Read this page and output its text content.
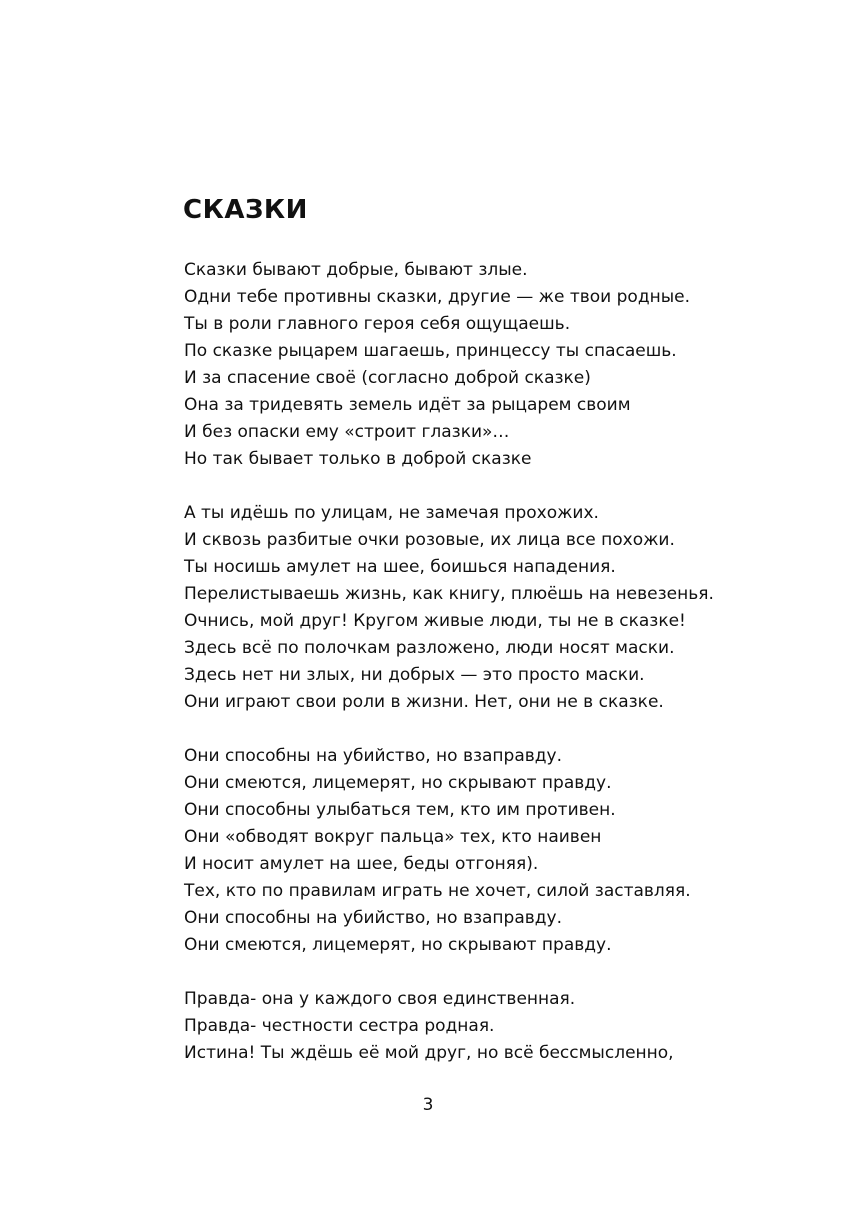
СКАЗКИ
Сказки бывают добрые, бывают злые.
Одни тебе противны сказки, другие — же твои родные.
Ты в роли главного героя себя ощущаешь.
По сказке рыцарем шагаешь, принцессу ты спасаешь.
И за спасение своё (согласно доброй сказке)
Она за тридевять земель идёт за рыцарем своим
И без опаски ему «строит глазки»…
Но так бывает только в доброй сказке
А ты идёшь по улицам, не замечая прохожих.
И сквозь разбитые очки розовые, их лица все похожи.
Ты носишь амулет на шее, боишься нападения.
Перелистываешь жизнь, как книгу, плюёшь на невезенья.
Очнись, мой друг! Кругом живые люди, ты не в сказке!
Здесь всё по полочкам разложено, люди носят маски.
Здесь нет ни злых, ни добрых — это просто маски.
Они играют свои роли в жизни. Нет, они не в сказке.
Они способны на убийство, но взаправду.
Они смеются, лицемерят, но скрывают правду.
Они способны улыбаться тем, кто им противен.
Они «обводят вокруг пальца» тех, кто наивен
И носит амулет на шее, беды отгоняя).
Тех, кто по правилам играть не хочет, силой заставляя.
Они способны на убийство, но взаправду.
Они смеются, лицемерят, но скрывают правду.
Правда- она у каждого своя единственная.
Правда- честности сестра родная.
Истина! Ты ждёшь её мой друг, но всё бессмысленно,
3
